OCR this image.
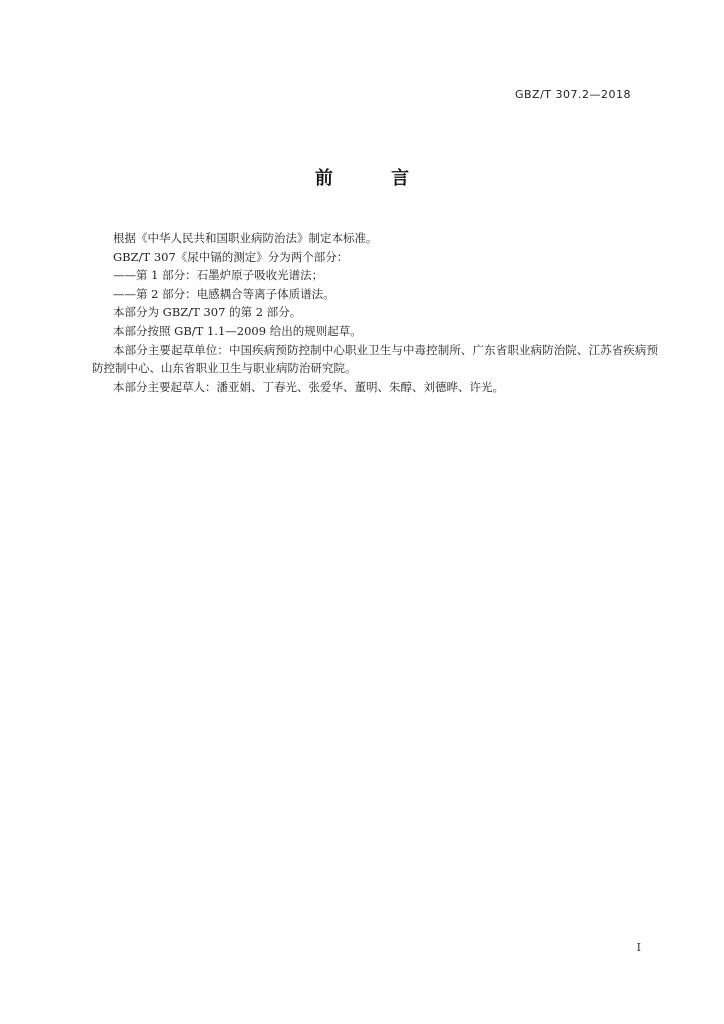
GBZ/T 307.2—2018
前 言

根据《中华人民共和国职业病防治法》制定本标准。

GBZ/T 307《尿中镉的测定》分为两个部分：

——第 1 部分：石墨炉原子吸收光谱法；

——第 2 部分：电感耦合等离子体质谱法。

本部分为 GBZ/T 307 的第 2 部分。

本部分按照 GB/T 1.1—2009 给出的规则起草。

本部分主要起草单位：中国疾病预防控制中心职业卫生与中毒控制所、广东省职业病防治院、江苏省疾病预防控制中心、山东省职业卫生与职业病防治研究院。

本部分主要起草人：潘亚娟、丁春光、张爱华、董明、朱醇、刘德晔、许光。

I
